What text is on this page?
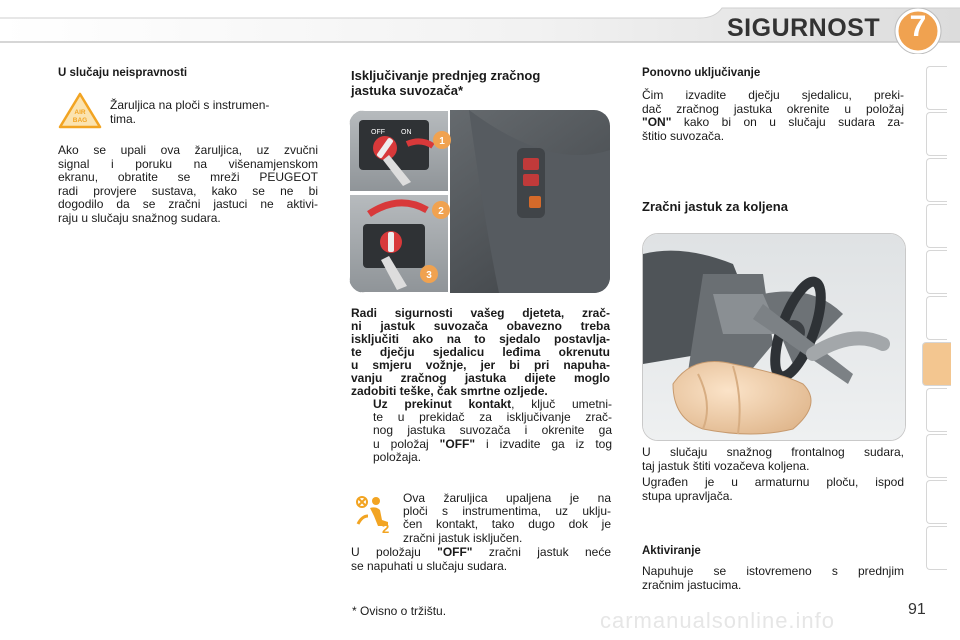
SIGURNOST 7
U slučaju neispravnosti
AIR
BAG
Žaruljica na ploči s instrumen-
tima.
Ako se upali ova žaruljica, uz zvučni
signal i poruku na višenamjenskom
ekranu, obratite se mreži PEUGEOT
radi provjere sustava, kako se ne bi
dogodilo da se zračni jastuci ne aktivi-
raju u slučaju snažnog sudara.
Isključivanje prednjeg zračnog
jastuka suvozača*
OFF ON
1
2
3
Radi sigurnosti vašeg djeteta, zrač-
ni jastuk suvozača obavezno treba
isključiti ako na to sjedalo postavlja-
te dječju sjedalicu leđima okrenutu
u smjeru vožnje, jer bi pri napuha-
vanju zračnog jastuka dijete moglo
zadobiti teške, čak smrtne ozljede.
Uz prekinut kontakt, ključ umetni-
te u prekidač za isključivanje zrač-
nog jastuka suvozača i okrenite ga
u položaj "OFF" i izvadite ga iz tog
položaja.
2
Ova žaruljica upaljena je na
ploči s instrumentima, uz uklju-
čen kontakt, tako dugo dok je
zračni jastuk isključen.
U položaju "OFF" zračni jastuk neće
se napuhati u slučaju sudara.
* Ovisno o tržištu.
Ponovno uključivanje
Čim izvadite dječju sjedalicu, preki-
dač zračnog jastuka okrenite u položaj
"ON" kako bi on u slučaju sudara za-
štitio suvozača.
Zračni jastuk za koljena
U slučaju snažnog frontalnog sudara,
taj jastuk štiti vozačeva koljena.
Ugrađen je u armaturnu ploču, ispod
stupa upravljača.
Aktiviranje
Napuhuje se istovremeno s prednjim
zračnim jastucima.
carmanualsonline.info	91
